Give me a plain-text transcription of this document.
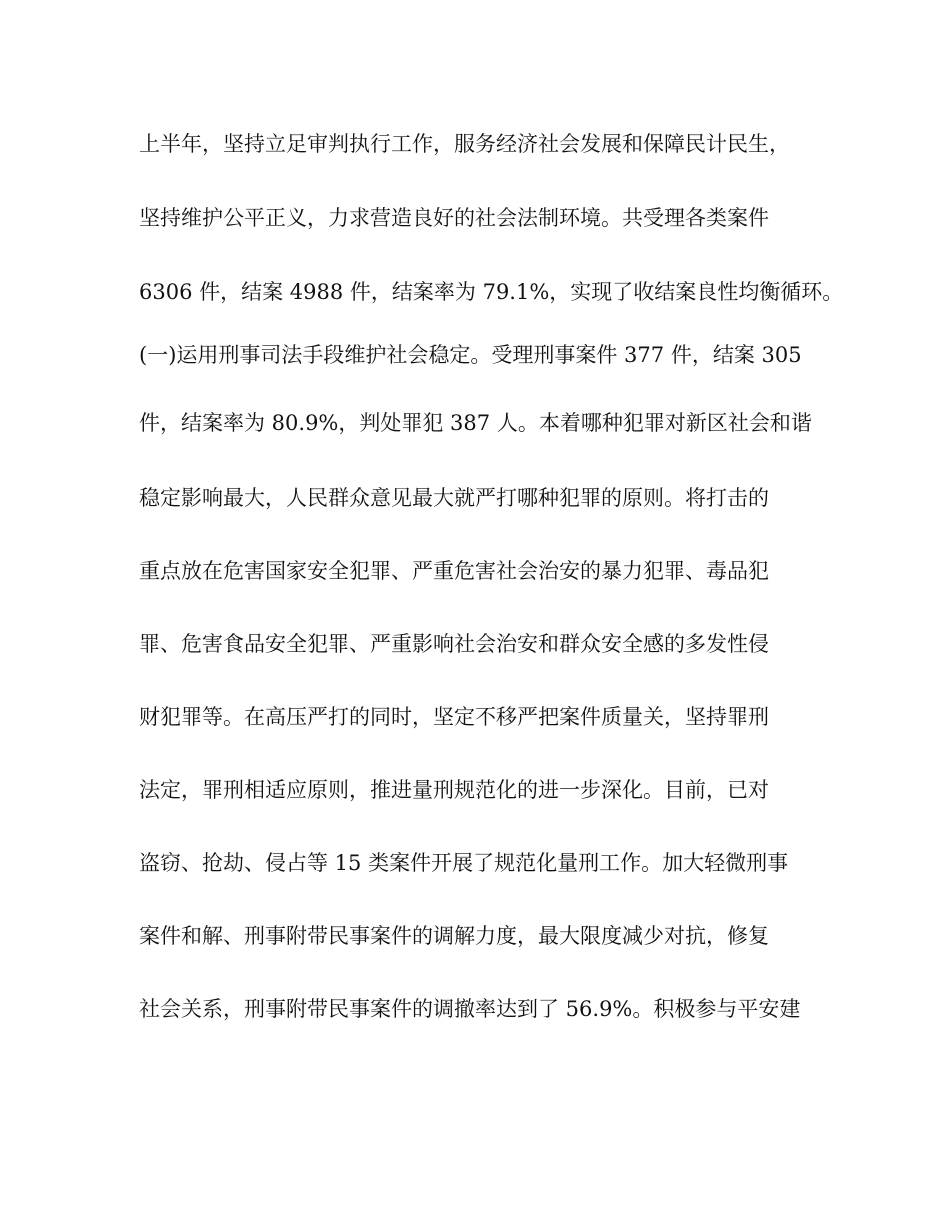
上半年，坚持立足审判执行工作，服务经济社会发展和保障民计民生，

坚持维护公平正义，力求营造良好的社会法制环境。共受理各类案件

6306 件，结案 4988 件，结案率为 79.1%，实现了收结案良性均衡循环。

(一)运用刑事司法手段维护社会稳定。受理刑事案件 377 件，结案 305

件，结案率为 80.9%，判处罪犯 387 人。本着哪种犯罪对新区社会和谐

稳定影响最大，人民群众意见最大就严打哪种犯罪的原则。将打击的

重点放在危害国家安全犯罪、严重危害社会治安的暴力犯罪、毒品犯

罪、危害食品安全犯罪、严重影响社会治安和群众安全感的多发性侵

财犯罪等。在高压严打的同时，坚定不移严把案件质量关，坚持罪刑

法定，罪刑相适应原则，推进量刑规范化的进一步深化。目前，已对

盗窃、抢劫、侵占等 15 类案件开展了规范化量刑工作。加大轻微刑事

案件和解、刑事附带民事案件的调解力度，最大限度减少对抗，修复

社会关系，刑事附带民事案件的调撤率达到了 56.9%。积极参与平安建
